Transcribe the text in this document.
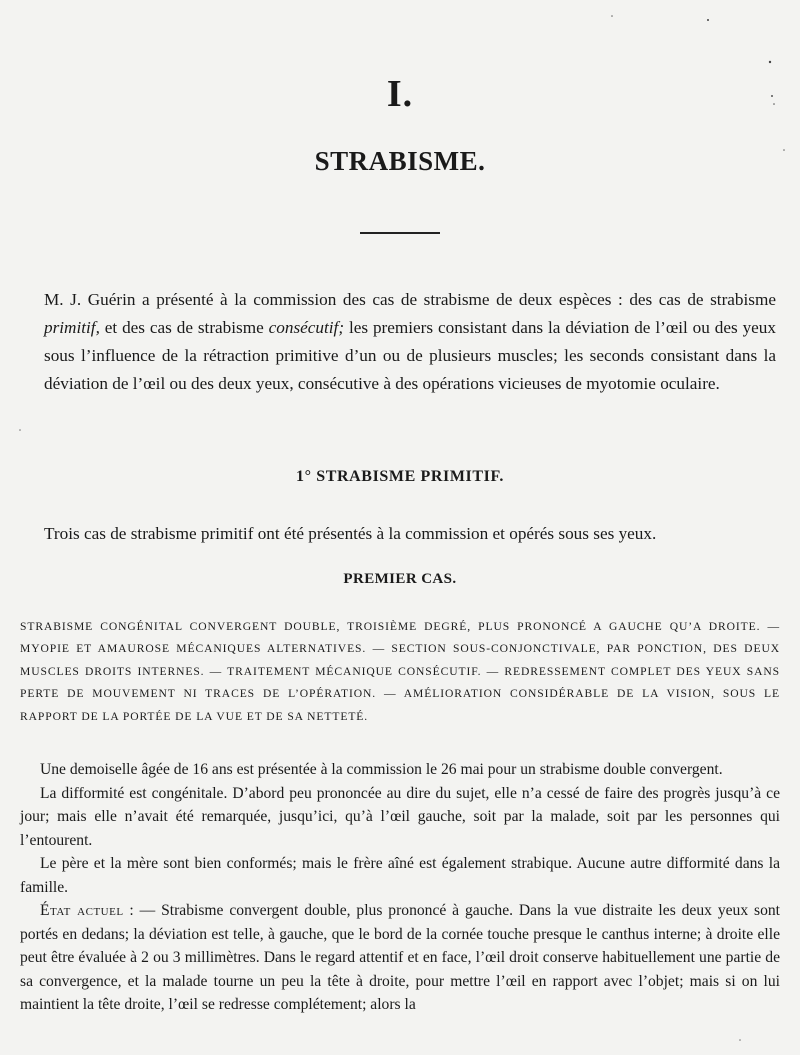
I.
STRABISME.
M. J. Guérin a présenté à la commission des cas de strabisme de deux espèces : des cas de strabisme primitif, et des cas de strabisme consécutif; les premiers consistant dans la déviation de l’œil ou des yeux sous l’influence de la rétraction primitive d’un ou de plusieurs muscles; les seconds consistant dans la déviation de l’œil ou des deux yeux, consécutive à des opérations vicieuses de myotomie oculaire.
1° STRABISME PRIMITIF.
Trois cas de strabisme primitif ont été présentés à la commission et opérés sous ses yeux.
PREMIER CAS.
STRABISME CONGÉNITAL CONVERGENT DOUBLE, TROISIÈME DEGRÉ, PLUS PRONONCÉ A GAUCHE QU’A DROITE. — MYOPIE ET AMAUROSE MÉCANIQUES ALTERNATIVES. — SECTION SOUS-CONJONCTIVALE, PAR PONCTION, DES DEUX MUSCLES DROITS INTERNES. — TRAITEMENT MÉCANIQUE CONSÉCUTIF. — REDRESSEMENT COMPLET DES YEUX SANS PERTE DE MOUVEMENT NI TRACES DE L’OPÉRATION. — AMÉLIORATION CONSIDÉRABLE DE LA VISION, SOUS LE RAPPORT DE LA PORTÉE DE LA VUE ET DE SA NETTETÉ.

Une demoiselle âgée de 16 ans est présentée à la commission le 26 mai pour un strabisme double convergent.

La difformité est congénitale. D’abord peu prononcée au dire du sujet, elle n’a cessé de faire des progrès jusqu’à ce jour; mais elle n’avait été remarquée, jusqu’ici, qu’à l’œil gauche, soit par la malade, soit par les personnes qui l’entourent.

Le père et la mère sont bien conformés; mais le frère aîné est également strabique. Aucune autre difformité dans la famille.

État actuel : — Strabisme convergent double, plus prononcé à gauche. Dans la vue distraite les deux yeux sont portés en dedans; la déviation est telle, à gauche, que le bord de la cornée touche presque le canthus interne; à droite elle peut être évaluée à 2 ou 3 millimètres. Dans le regard attentif et en face, l’œil droit conserve habituellement une partie de sa convergence, et la malade tourne un peu la tête à droite, pour mettre l’œil en rapport avec l’objet; mais si on lui maintient la tête droite, l’œil se redresse complétement; alors la
